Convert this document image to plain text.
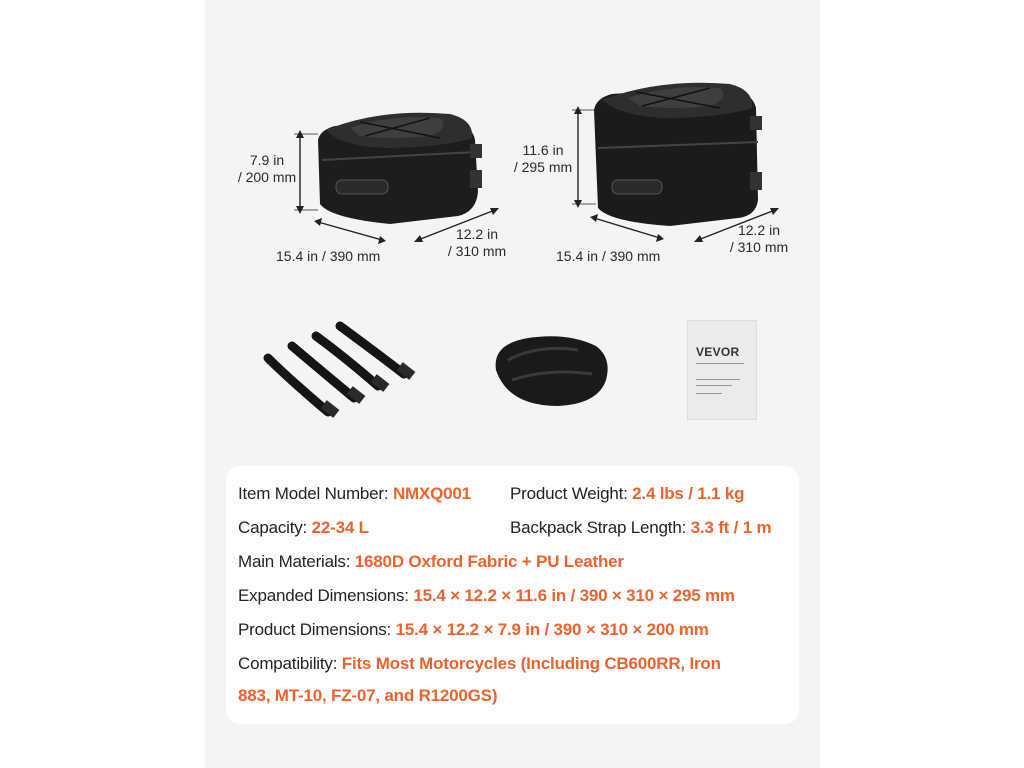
7.9 in
/ 200 mm
15.4 in / 390 mm
12.2 in
/ 310 mm
11.6 in
/ 295 mm
15.4 in / 390 mm
12.2 in
/ 310 mm
VEVOR
Item Model Number: NMXQ001 Product Weight: 2.4 lbs / 1.1 kg
Capacity: 22-34 L	Backpack Strap Length: 3.3 ft / 1 m
Main Materials: 1680D Oxford Fabric + PU Leather
Expanded Dimensions: 15.4 × 12.2 × 11.6 in / 390 × 310 × 295 mm
Product Dimensions: 15.4 × 12.2 × 7.9 in / 390 × 310 × 200 mm
Compatibility: Fits Most Motorcycles (Including CB600RR, Iron
883, MT-10, FZ-07, and R1200GS)
